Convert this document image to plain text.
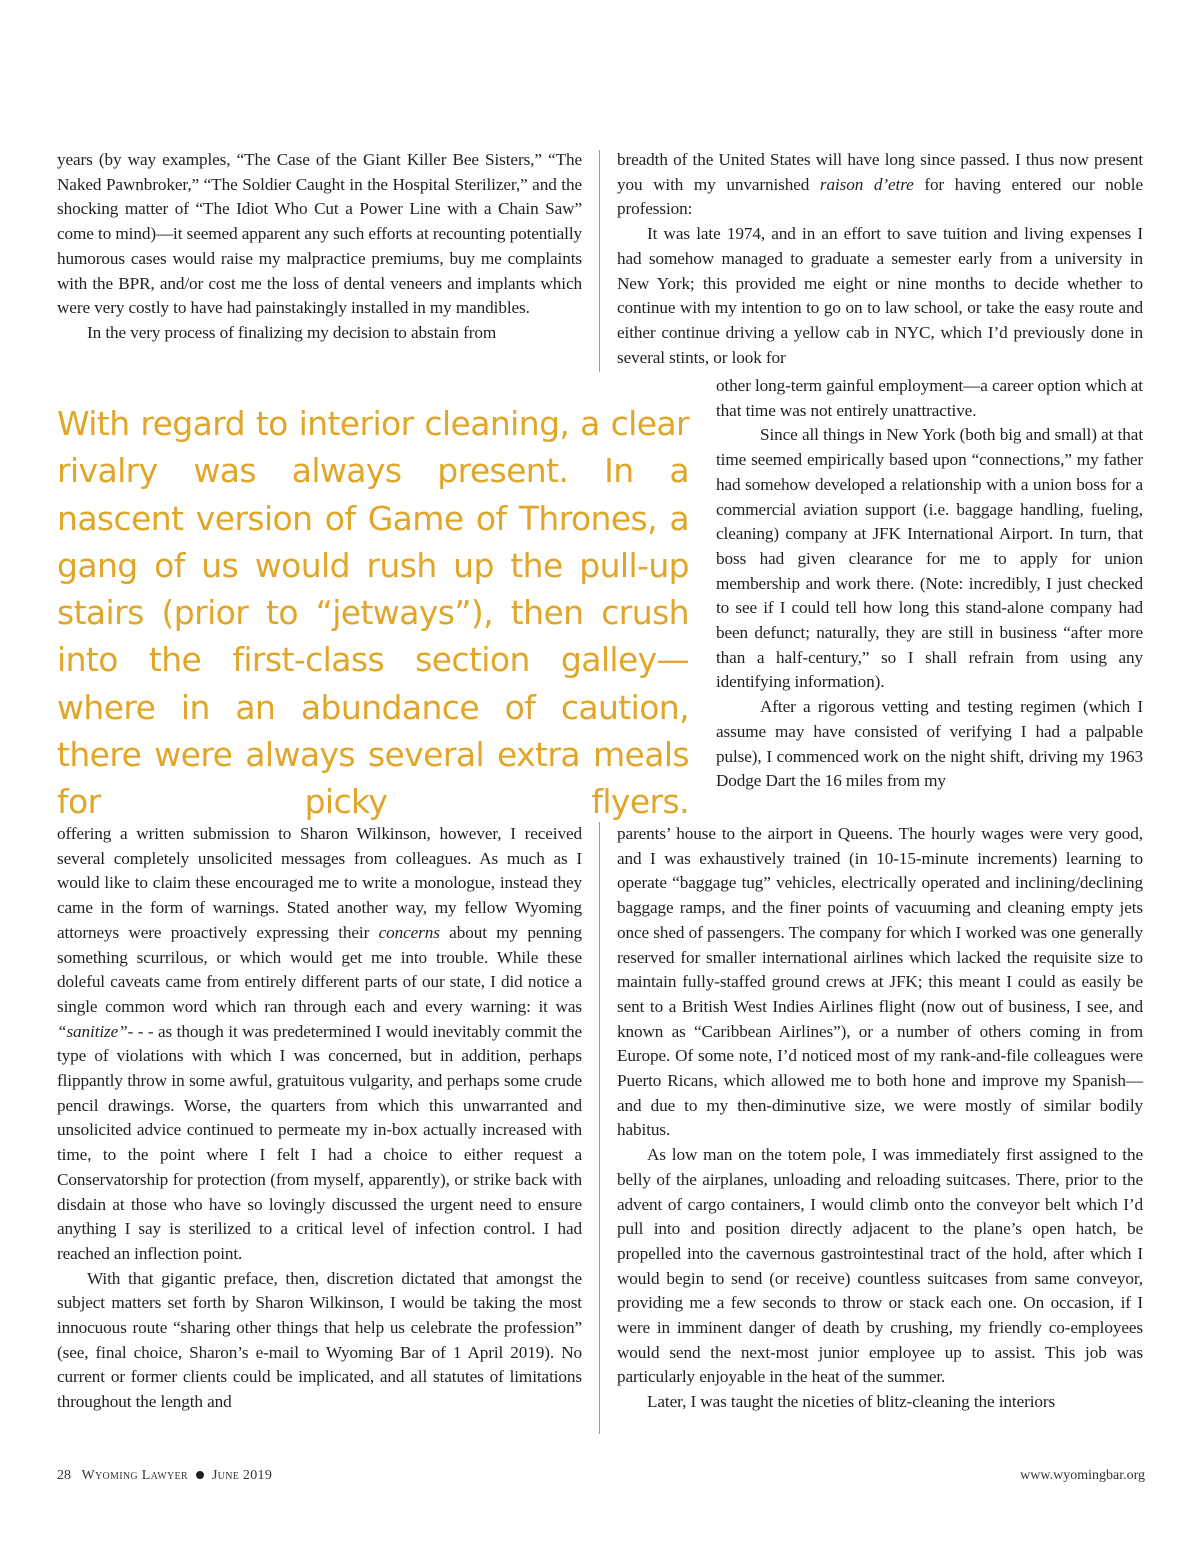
years (by way examples, “The Case of the Giant Killer Bee Sisters,” “The Naked Pawnbroker,” “The Soldier Caught in the Hospital Sterilizer,” and the shocking matter of “The Idiot Who Cut a Power Line with a Chain Saw” come to mind)—it seemed apparent any such efforts at recounting potentially humorous cases would raise my malpractice premiums, buy me complaints with the BPR, and/or cost me the loss of dental veneers and implants which were very costly to have had painstakingly installed in my mandibles.

In the very process of finalizing my decision to abstain from

With regard to interior cleaning, a clear rivalry was always present. In a nascent version of Game of Thrones, a gang of us would rush up the pull-up stairs (prior to “jetways”), then crush into the first-class section galley—where in an abundance of caution, there were always several extra meals for picky flyers.

offering a written submission to Sharon Wilkinson, however, I received several completely unsolicited messages from colleagues. As much as I would like to claim these encouraged me to write a monologue, instead they came in the form of warnings. Stated another way, my fellow Wyoming attorneys were proactively expressing their concerns about my penning something scurrilous, or which would get me into trouble. While these doleful caveats came from entirely different parts of our state, I did notice a single common word which ran through each and every warning: it was “sanitize”- - - as though it was predetermined I would inevitably commit the type of violations with which I was concerned, but in addition, perhaps flippantly throw in some awful, gratuitous vulgarity, and perhaps some crude pencil drawings. Worse, the quarters from which this unwarranted and unsolicited advice continued to permeate my in-box actually increased with time, to the point where I felt I had a choice to either request a Conservatorship for protection (from myself, apparently), or strike back with disdain at those who have so lovingly discussed the urgent need to ensure anything I say is sterilized to a critical level of infection control. I had reached an inflection point.

With that gigantic preface, then, discretion dictated that amongst the subject matters set forth by Sharon Wilkinson, I would be taking the most innocuous route “sharing other things that help us celebrate the profession” (see, final choice, Sharon’s e-mail to Wyoming Bar of 1 April 2019). No current or former clients could be implicated, and all statutes of limitations throughout the length and

breadth of the United States will have long since passed. I thus now present you with my unvarnished raison d’etre for having entered our noble profession:

It was late 1974, and in an effort to save tuition and living expenses I had somehow managed to graduate a semester early from a university in New York; this provided me eight or nine months to decide whether to continue with my intention to go on to law school, or take the easy route and either continue driving a yellow cab in NYC, which I’d previously done in several stints, or look for

other long-term gainful employment—a career option which at that time was not entirely unattractive.

Since all things in New York (both big and small) at that time seemed empirically based upon “connections,” my father had somehow developed a relationship with a union boss for a commercial aviation support (i.e. baggage handling, fueling, cleaning) company at JFK International Airport. In turn, that boss had given clearance for me to apply for union membership and work there. (Note: incredibly, I just checked to see if I could tell how long this stand-alone company had been defunct; naturally, they are still in business “after more than a half-century,” so I shall refrain from using any identifying information).

After a rigorous vetting and testing regimen (which I assume may have consisted of verifying I had a palpable pulse), I commenced work on the night shift, driving my 1963 Dodge Dart the 16 miles from my

parents’ house to the airport in Queens. The hourly wages were very good, and I was exhaustively trained (in 10-15-minute increments) learning to operate “baggage tug” vehicles, electrically operated and inclining/declining baggage ramps, and the finer points of vacuuming and cleaning empty jets once shed of passengers. The company for which I worked was one generally reserved for smaller international airlines which lacked the requisite size to maintain fully-staffed ground crews at JFK; this meant I could as easily be sent to a British West Indies Airlines flight (now out of business, I see, and known as “Caribbean Airlines”), or a number of others coming in from Europe. Of some note, I’d noticed most of my rank-and-file colleagues were Puerto Ricans, which allowed me to both hone and improve my Spanish—and due to my then-diminutive size, we were mostly of similar bodily habitus.

As low man on the totem pole, I was immediately first assigned to the belly of the airplanes, unloading and reloading suitcases. There, prior to the advent of cargo containers, I would climb onto the conveyor belt which I’d pull into and position directly adjacent to the plane’s open hatch, be propelled into the cavernous gastrointestinal tract of the hold, after which I would begin to send (or receive) countless suitcases from same conveyor, providing me a few seconds to throw or stack each one. On occasion, if I were in imminent danger of death by crushing, my friendly co-employees would send the next-most junior employee up to assist. This job was particularly enjoyable in the heat of the summer.

Later, I was taught the niceties of blitz-cleaning the interiors

28 Wyoming Lawyer June 2019	www.wyomingbar.org
